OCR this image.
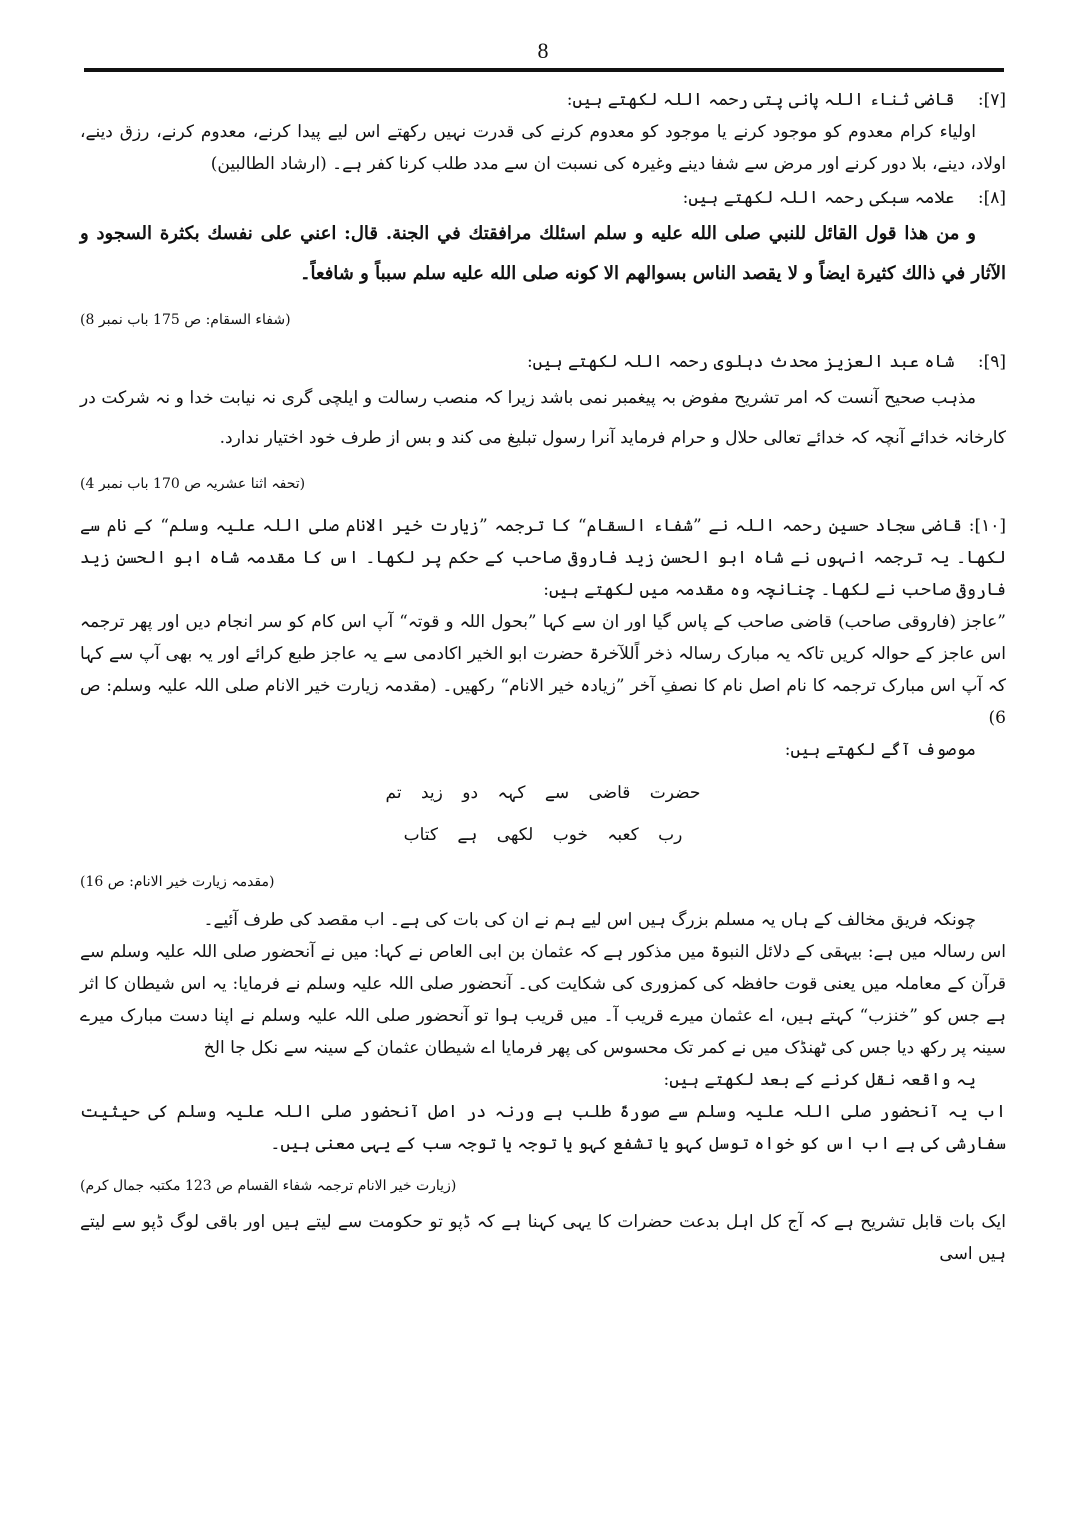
8

[۷]: قاضی ثناء اللہ پانی پتی رحمہ اللہ لکھتے ہیں:

اولیاء کرام معدوم کو موجود کرنے یا موجود کو معدوم کرنے کی قدرت نہیں رکھتے اس لیے پیدا کرنے، معدوم کرنے، رزق دینے، اولاد، دینے، بلا دور کرنے اور مرض سے شفا دینے وغیرہ کی نسبت ان سے مدد طلب کرنا کفر ہے۔ (ارشاد الطالبین)

[۸]: علامہ سبکی رحمہ اللہ لکھتے ہیں:

و من هذا قول القائل للنبي صلى الله عليه و سلم اسئلك مرافقتك في الجنة. قال: اعني على نفسك بكثرة السجود و الآثار في ذالك كثيرة ايضاً و لا يقصد الناس بسوالهم الا كونه صلى الله عليه سلم سبباً و شافعاً۔

(شفاء السقام: ص 175 باب نمبر 8)

[۹]: شاہ عبد العزیز محدث دہلوی رحمہ اللہ لکھتے ہیں:

مذہب صحیح آنست کہ امر تشریح مفوض بہ پیغمبر نمی باشد زیرا کہ منصب رسالت و ایلچی گری نہ نیابت خدا و نہ شرکت در کارخانہ خدائے آنچہ کہ خدائے تعالی حلال و حرام فرماید آنرا رسول تبلیغ می کند و بس از طرف خود اختیار ندارد.

(تحفہ اثنا عشریہ ص 170 باب نمبر 4)

[۱۰]: قاضی سجاد حسین رحمہ اللہ نے ”شفاء السقام“ کا ترجمہ ”زیارت خیر الانام صلی اللہ علیہ وسلم“ کے نام سے لکھا۔ یہ ترجمہ انہوں نے شاہ ابو الحسن زید فاروقی صاحب کے حکم پر لکھا۔ اس کا مقدمہ شاہ ابو الحسن زید فاروقی صاحب نے لکھا۔ چنانچہ وہ مقدمہ میں لکھتے ہیں:

”عاجز (فاروقی صاحب) قاضی صاحب کے پاس گیا اور ان سے کہا ”بحول اللہ و قوتہ“ آپ اس کام کو سر انجام دیں اور پھر ترجمہ اس عاجز کے حوالہ کریں تاکہ یہ مبارک رسالہ ذخر اًللآخرۃ حضرت ابو الخیر اکادمی سے یہ عاجز طبع کرائے اور یہ بھی آپ سے کہا کہ آپ اس مبارک ترجمہ کا نام اصل نام کا نصفِ آخر ”زیادہ خیر الانام“ رکھیں۔ (مقدمہ زیارت خیر الانام صلی اللہ علیہ وسلم: ص 6)

موصوف آگے لکھتے ہیں:

حضرت قاضی سے کہہ دو زید تم
رب کعبہ خوب لکھی ہے کتاب

(مقدمہ زیارت خیر الانام: ص 16)

چونکہ فریق مخالف کے ہاں یہ مسلم بزرگ ہیں اس لیے ہم نے ان کی بات کی ہے۔ اب مقصد کی طرف آئیے۔

اس رسالہ میں ہے: بیہقی کے دلائل النبوۃ میں مذکور ہے کہ عثمان بن ابی العاص نے کہا: میں نے آنحضور صلی اللہ علیہ وسلم سے قرآن کے معاملہ میں یعنی قوت حافظہ کی کمزوری کی شکایت کی۔ آنحضور صلی اللہ علیہ وسلم نے فرمایا: یہ اس شیطان کا اثر ہے جس کو ”خنزب“ کہتے ہیں، اے عثمان میرے قریب آ۔ میں قریب ہوا تو آنحضور صلی اللہ علیہ وسلم نے اپنا دست مبارک میرے سینہ پر رکھ دیا جس کی ٹھنڈک میں نے کمر تک محسوس کی پھر فرمایا اے شیطان عثمان کے سینہ سے نکل جا الخ

یہ واقعہ نقل کرنے کے بعد لکھتے ہیں:

اب یہ آنحضور صلی اللہ علیہ وسلم سے صورۃً طلب ہے ورنہ در اصل آنحضور صلی اللہ علیہ وسلم کی حیثیت سفارشی کی ہے اب اس کو خواہ توسل کہو یا تشفع کہو یا توجہ یا توجہ سب کے یہی معنی ہیں۔

(زیارت خیر الانام ترجمہ شفاء القسام ص 123 مکتبہ جمال کرم)

ایک بات قابل تشریح ہے کہ آج کل اہل بدعت حضرات کا یہی کہنا ہے کہ ڈپو تو حکومت سے لیتے ہیں اور باقی لوگ ڈپو سے لیتے ہیں اسی
